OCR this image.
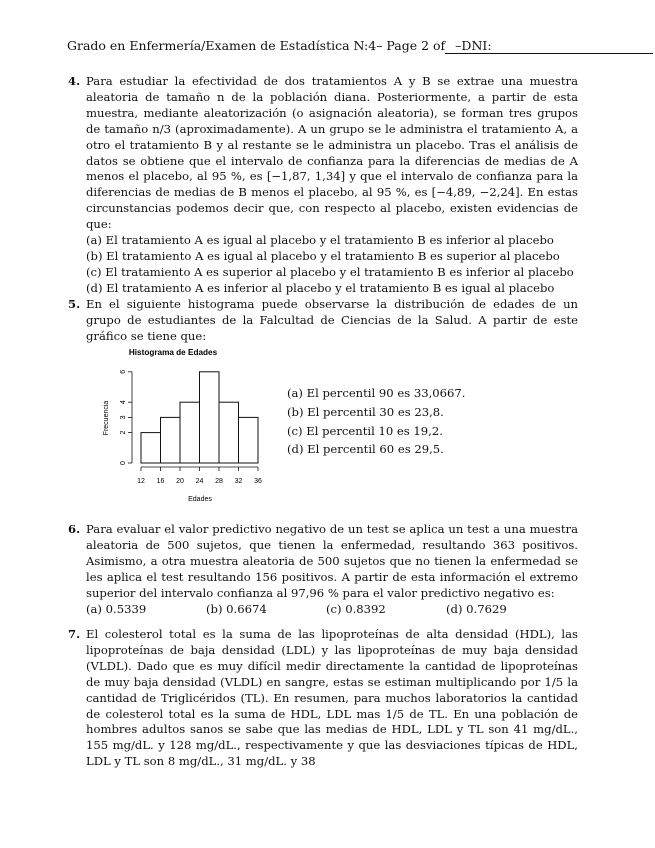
Grado en Enfermería/Examen de Estadística N:4– Page 2 of –DNI:
4. Para estudiar la efectividad de dos tratamientos A y B se extrae una muestra aleatoria de tamaño n de la población diana. Posteriormente, a partir de esta muestra, mediante aleatorización (o asignación aleatoria), se forman tres grupos de tamaño n/3 (aproximadamente). A un grupo se le administra el tratamiento A, a otro el tratamiento B y al restante se le administra un placebo. Tras el análisis de datos se obtiene que el intervalo de confianza para la diferencias de medias de A menos el placebo, al 95 %, es [−1,87, 1,34] y que el intervalo de confianza para la diferencias de medias de B menos el placebo, al 95 %, es [−4,89, −2,24]. En estas circunstancias podemos decir que, con respecto al placebo, existen evidencias de que:

(a) El tratamiento A es igual al placebo y el tratamiento B es inferior al placebo
(b) El tratamiento A es igual al placebo y el tratamiento B es superior al placebo
(c) El tratamiento A es superior al placebo y el tratamiento B es inferior al placebo
(d) El tratamiento A es inferior al placebo y el tratamiento B es igual al placebo
5. En el siguiente histograma puede observarse la distribución de edades de un grupo de estudiantes de la Falcultad de Ciencias de la Salud. A partir de este gráfico se tiene que:

Histograma de Edades
Frecuencia
Edades
12 16 20 24 28 32 36
0
2
3
4
6
(a) El percentil 90 es 33,0667.
(b) El percentil 30 es 23,8.
(c) El percentil 10 es 19,2.
(d) El percentil 60 es 29,5.
6. Para evaluar el valor predictivo negativo de un test se aplica un test a una muestra aleatoria de 500 sujetos, que tienen la enfermedad, resultando 363 positivos. Asimismo, a otra muestra aleatoria de 500 sujetos que no tienen la enfermedad se les aplica el test resultando 156 positivos. A partir de esta información el extremo superior del intervalo confianza al 97,96 % para el valor predictivo negativo es:

(a) 0.5339	(b) 0.6674	(c) 0.8392	(d) 0.7629
7. El colesterol total es la suma de las lipoproteínas de alta densidad (HDL), las lipoproteínas de baja densidad (LDL) y las lipoproteínas de muy baja densidad (VLDL). Dado que es muy difícil medir directamente la cantidad de lipoproteínas de muy baja densidad (VLDL) en sangre, estas se estiman multiplicando por 1/5 la cantidad de Triglicéridos (TL). En resumen, para muchos laboratorios la cantidad de colesterol total es la suma de HDL, LDL mas 1/5 de TL. En una población de hombres adultos sanos se sabe que las medias de HDL, LDL y TL son 41 mg/dL., 155 mg/dL. y 128 mg/dL., respectivamente y que las desviaciones típicas de HDL, LDL y TL son 8 mg/dL., 31 mg/dL. y 38
